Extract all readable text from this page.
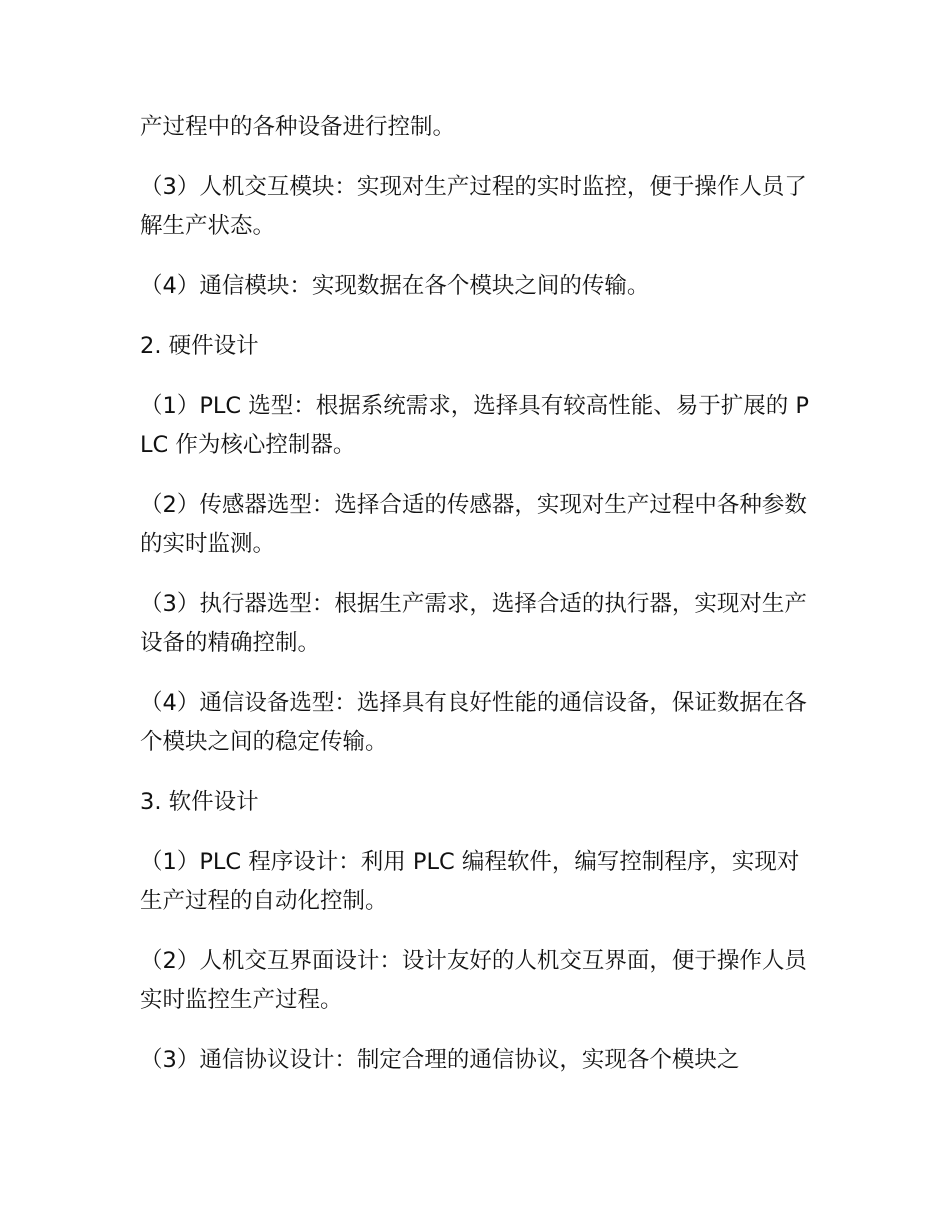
产过程中的各种设备进行控制。

（3）人机交互模块：实现对生产过程的实时监控，便于操作人员了解生产状态。

（4）通信模块：实现数据在各个模块之间的传输。

2. 硬件设计

（1）PLC 选型：根据系统需求，选择具有较高性能、易于扩展的 PLC 作为核心控制器。

（2）传感器选型：选择合适的传感器，实现对生产过程中各种参数的实时监测。

（3）执行器选型：根据生产需求，选择合适的执行器，实现对生产设备的精确控制。

（4）通信设备选型：选择具有良好性能的通信设备，保证数据在各个模块之间的稳定传输。

3. 软件设计

（1）PLC 程序设计：利用 PLC 编程软件，编写控制程序，实现对生产过程的自动化控制。

（2）人机交互界面设计：设计友好的人机交互界面，便于操作人员实时监控生产过程。

（3）通信协议设计：制定合理的通信协议，实现各个模块之
